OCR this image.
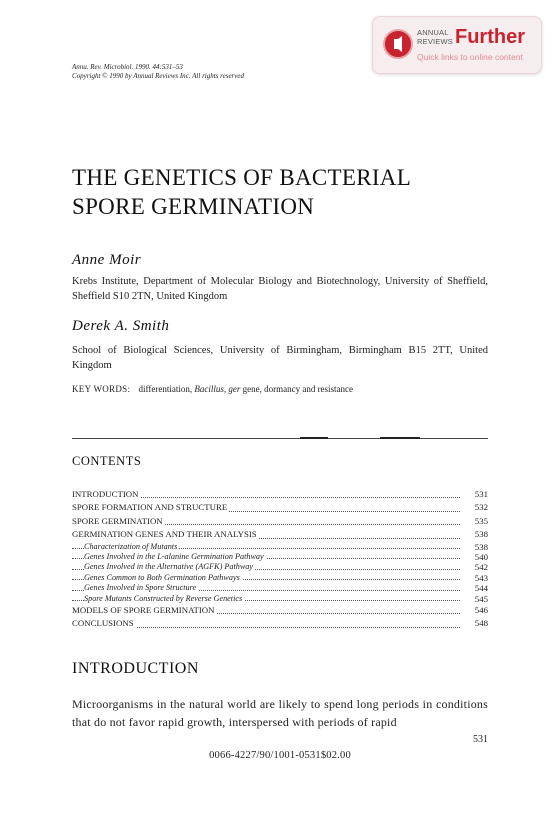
ANNUAL
REVIEWS Further
Quick links to online content
Annu. Rev. Microbiol. 1990. 44:531–53
Copyright © 1990 by Annual Reviews Inc. All rights reserved
THE GENETICS OF BACTERIAL
SPORE GERMINATION
Anne Moir
Krebs Institute, Department of Molecular Biology and Biotechnology, University of Sheffield, Sheffield S10 2TN, United Kingdom
Derek A. Smith
School of Biological Sciences, University of Birmingham, Birmingham B15 2TT, United Kingdom
KEY WORDS: differentiation, Bacillus, ger gene, dormancy and resistance
CONTENTS
INTRODUCTION	531
SPORE FORMATION AND STRUCTURE	532
SPORE GERMINATION	535
GERMINATION GENES AND THEIR ANALYSIS	538
Characterization of Mutants	538
Genes Involved in the L-alanine Germination Pathway	540
Genes Involved in the Alternative (AGFK) Pathway	542
Genes Common to Both Germination Pathways	543
Genes Involved in Spore Structure	544
Spore Mutants Constructed by Reverse Genetics	545
MODELS OF SPORE GERMINATION	546
CONCLUSIONS	548
INTRODUCTION
Microorganisms in the natural world are likely to spend long periods in conditions that do not favor rapid growth, interspersed with periods of rapid
531
0066-4227/90/1001-0531$02.00
